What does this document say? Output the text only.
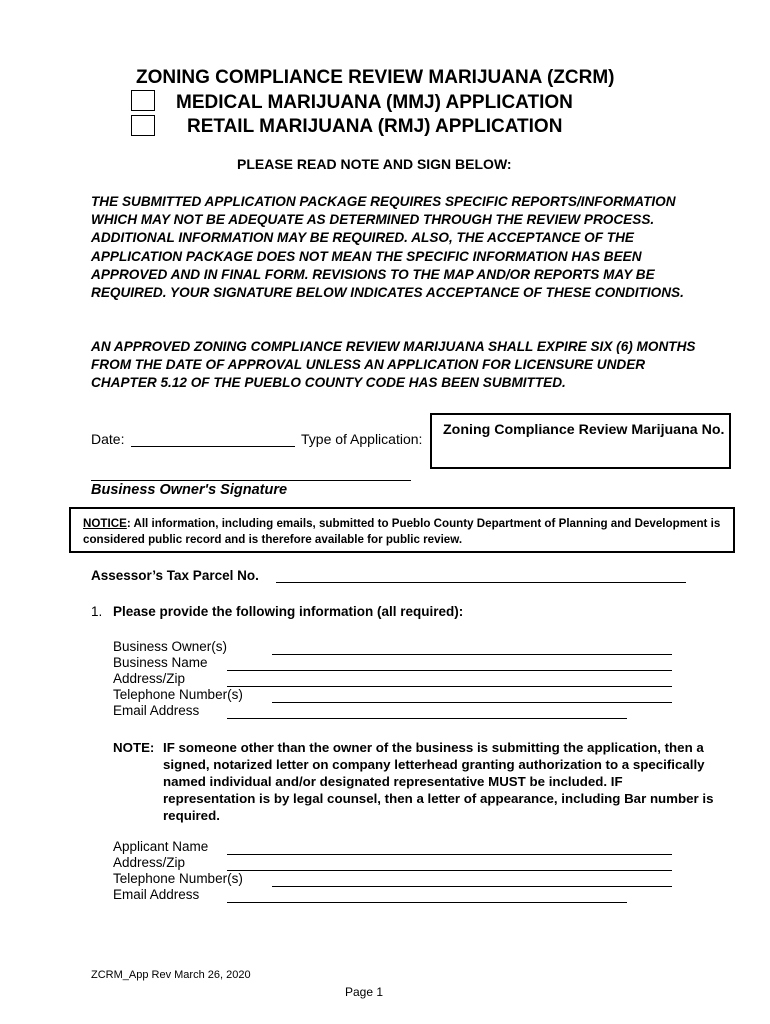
ZONING COMPLIANCE REVIEW MARIJUANA (ZCRM)
MEDICAL MARIJUANA (MMJ) APPLICATION
RETAIL MARIJUANA (RMJ) APPLICATION
PLEASE READ NOTE AND SIGN BELOW:
THE SUBMITTED APPLICATION PACKAGE REQUIRES SPECIFIC REPORTS/INFORMATION WHICH MAY NOT BE ADEQUATE AS DETERMINED THROUGH THE REVIEW PROCESS. ADDITIONAL INFORMATION MAY BE REQUIRED. ALSO, THE ACCEPTANCE OF THE APPLICATION PACKAGE DOES NOT MEAN THE SPECIFIC INFORMATION HAS BEEN APPROVED AND IN FINAL FORM. REVISIONS TO THE MAP AND/OR REPORTS MAY BE REQUIRED. YOUR SIGNATURE BELOW INDICATES ACCEPTANCE OF THESE CONDITIONS.
AN APPROVED ZONING COMPLIANCE REVIEW MARIJUANA SHALL EXPIRE SIX (6) MONTHS FROM THE DATE OF APPROVAL UNLESS AN APPLICATION FOR LICENSURE UNDER CHAPTER 5.12 OF THE PUEBLO COUNTY CODE HAS BEEN SUBMITTED.
Date:	Type of Application:
Zoning Compliance Review Marijuana No.
Business Owner's Signature
NOTICE: All information, including emails, submitted to Pueblo County Department of Planning and Development is considered public record and is therefore available for public review.
Assessor’s Tax Parcel No.
1. Please provide the following information (all required):
Business Owner(s)
Business Name
Address/Zip
Telephone Number(s)
Email Address
NOTE: IF someone other than the owner of the business is submitting the application, then a signed, notarized letter on company letterhead granting authorization to a specifically named individual and/or designated representative MUST be included. IF representation is by legal counsel, then a letter of appearance, including Bar number is required.
Applicant Name
Address/Zip
Telephone Number(s)
Email Address
ZCRM_App Rev March 26, 2020
Page 1
